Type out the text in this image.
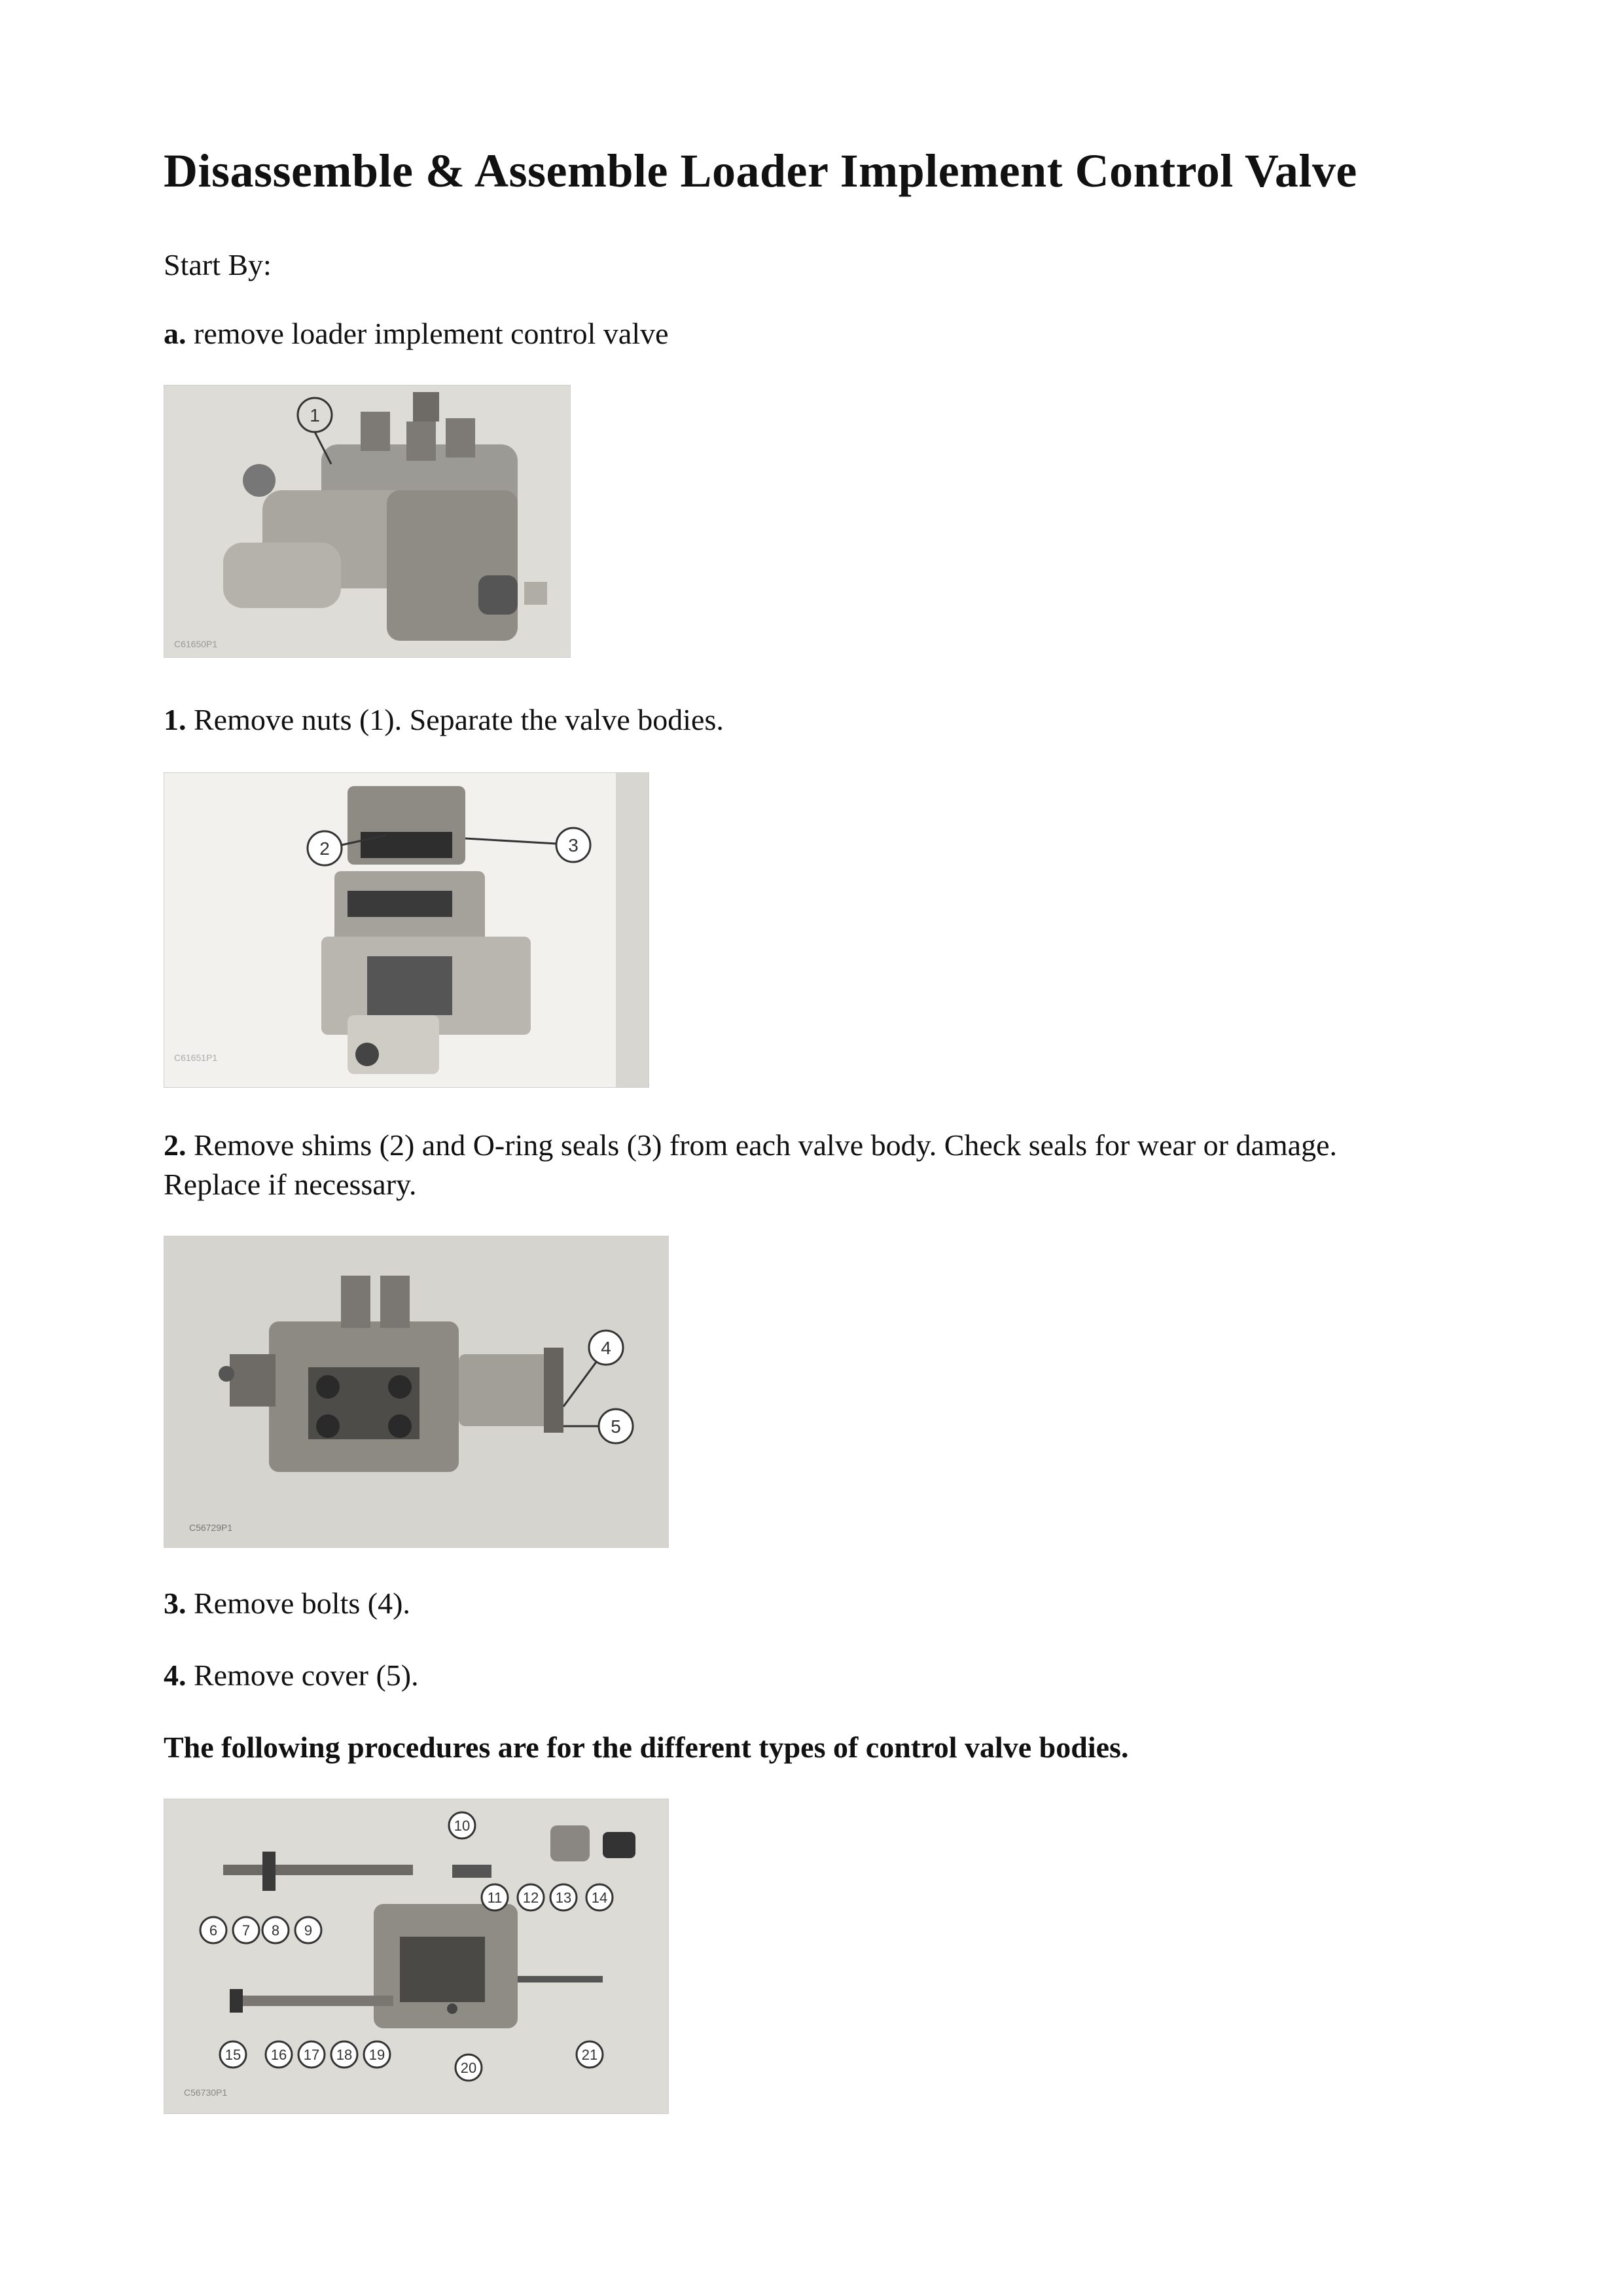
Disassemble & Assemble Loader Implement Control Valve

Start By:

a. remove loader implement control valve

1
C61650P1

1. Remove nuts (1). Separate the valve bodies.

2	3
C61651P1

2. Remove shims (2) and O-ring seals (3) from each valve body. Check seals for wear or damage.

Replace if necessary.

4
5
C56729P1

3. Remove bolts (4).

4. Remove cover (5).

The following procedures are for the different types of control valve bodies.

6 7 8 9
10
11 12 13 14
15 16 17 18 19
20
21
C56730P1
